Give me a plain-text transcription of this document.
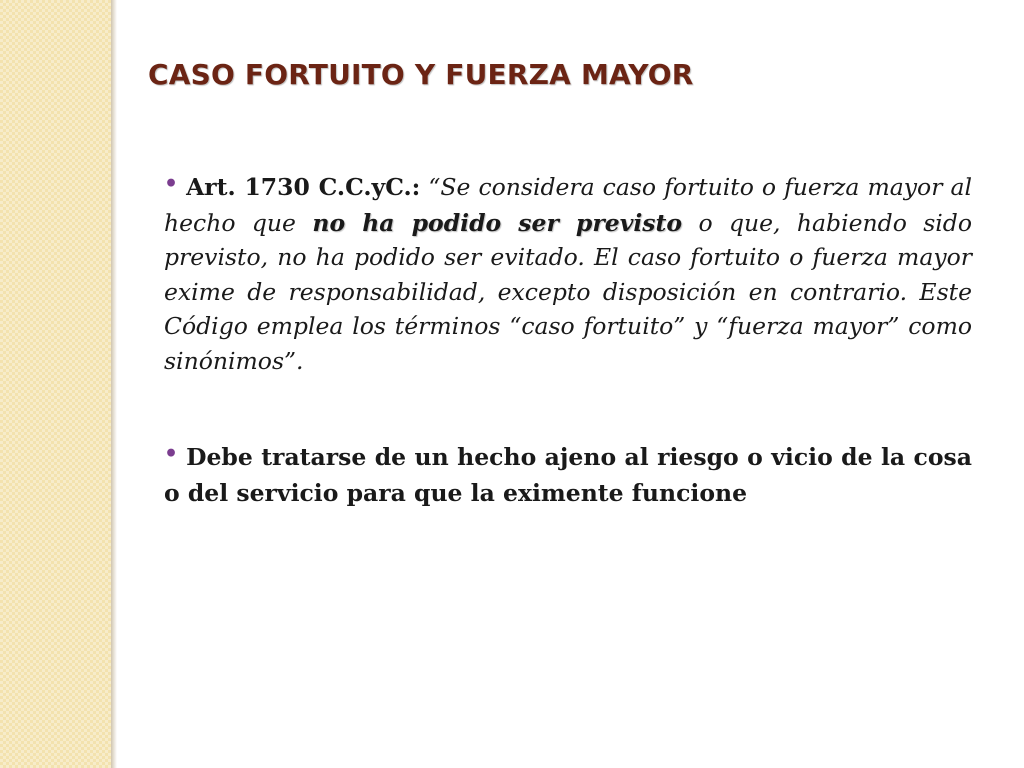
CASO FORTUITO Y FUERZA MAYOR

• Art. 1730 C.C.yC.: “Se considera caso fortuito o fuerza mayor al hecho que no ha podido ser previsto o que, habiendo sido previsto, no ha podido ser evitado. El caso fortuito o fuerza mayor exime de responsabilidad, excepto disposición en contrario. Este Código emplea los términos “caso fortuito” y “fuerza mayor” como sinónimos”.

• Debe tratarse de un hecho ajeno al riesgo o vicio de la cosa o del servicio para que la eximente funcione
